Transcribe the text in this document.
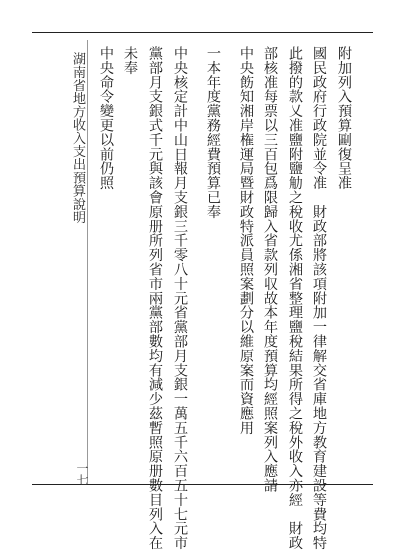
附加列入預算剾復呈准
國民政府行政院並令准　財政部將該項附加一律解交省庫地方教育建設等費均特
此撥的款乂准鹽附鹽觔之稅收尤係湘省整理鹽稅結果所得之稅外收入亦經　財政
部核准每票以三百包爲限歸入省款列収故本年度預算均經照案列入應請
中央飭知湘岸権運局暨財政特派員照案劃分以維原案而資應用
一本年度黨務經費預算已奉
中央核定計中山日報月支銀三千零八十元省黨部月支銀一萬五千六百五十七元市
黨部月支銀式千元與該會原册所列省市兩黨部數均有減少茲暫照原册數目列入在
未奉
中央命令變更以前仍照
湖南省地方收入支出預算說明
一七
